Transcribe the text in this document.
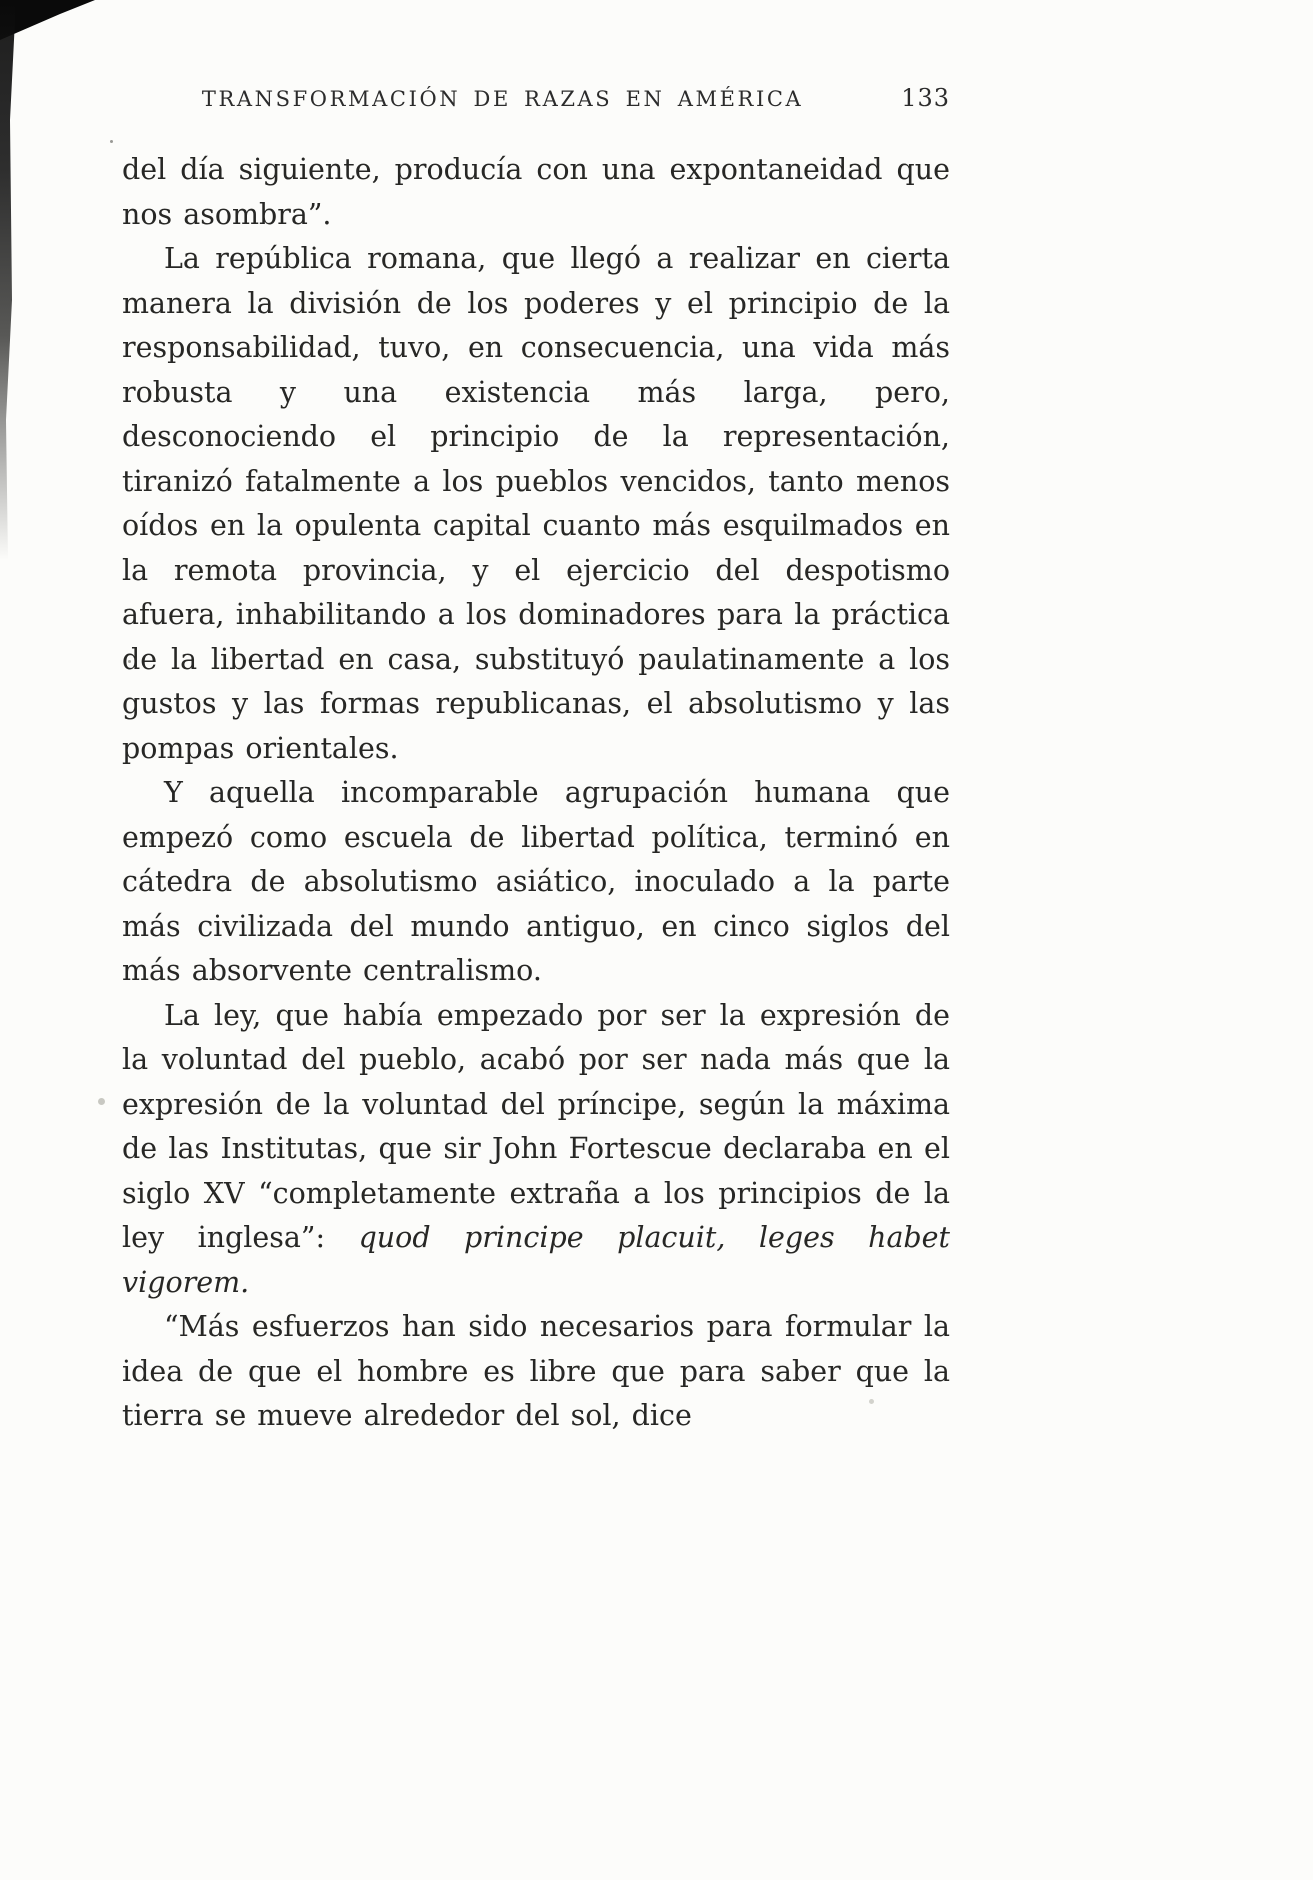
TRANSFORMACIÓN DE RAZAS EN AMÉRICA	133

del día siguiente, producía con una expontaneidad que nos asombra”.

La república romana, que llegó a realizar en cierta manera la división de los poderes y el principio de la responsabilidad, tuvo, en consecuencia, una vida más robusta y una existencia más larga, pero, desconociendo el principio de la representación, tiranizó fatalmente a los pueblos vencidos, tanto menos oídos en la opulenta capital cuanto más esquilmados en la remota provincia, y el ejercicio del despotismo afuera, inhabilitando a los dominadores para la práctica de la libertad en casa, substituyó paulatinamente a los gustos y las formas republicanas, el absolutismo y las pompas orientales.

Y aquella incomparable agrupación humana que empezó como escuela de libertad política, terminó en cátedra de absolutismo asiático, inoculado a la parte más civilizada del mundo antiguo, en cinco siglos del más absorvente centralismo.

La ley, que había empezado por ser la expresión de la voluntad del pueblo, acabó por ser nada más que la expresión de la voluntad del príncipe, según la máxima de las Institutas, que sir John Fortescue declaraba en el siglo XV “completamente extraña a los principios de la ley inglesa”: quod principe placuit, leges habet vigorem.

“Más esfuerzos han sido necesarios para formular la idea de que el hombre es libre que para saber que la tierra se mueve alrededor del sol, dice
